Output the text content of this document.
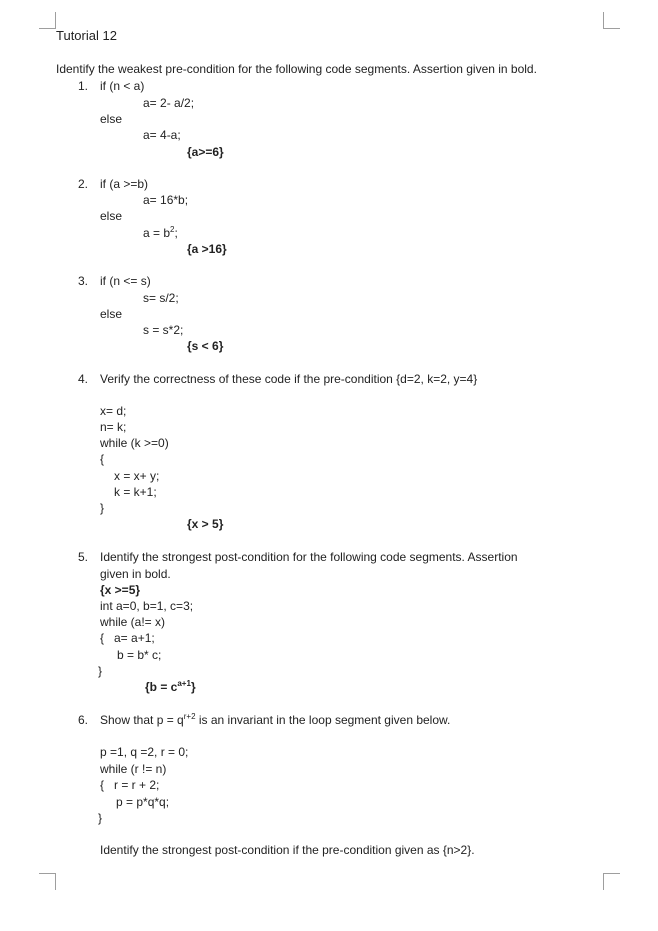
Tutorial 12
Identify the weakest pre-condition for the following code segments. Assertion given in bold.
1. if (n < a)
a= 2- a/2;
else
a= 4-a;
{a>=6}
2. if (a >=b)
a= 16*b;
else
$a = b^2$;
{a >16}
3. if (n <= s)
s= s/2;
else
s = s*2;
{s < 6}
4. Verify the correctness of these code if the pre-condition {d=2, k=2, y=4}
x= d;
n= k;
while (k >=0)
{
x = x+ y;
k = k+1;
}
{x > 5}
5. Identify the strongest post-condition for the following code segments. Assertion
given in bold.
{x >=5}
int a=0, b=1, c=3;
while (a!= x)
{ a= a+1;
b = b* c;
}
$\{b = c^{a+1}\}$
6. Show that $p = q^{r+2}$ is an invariant in the loop segment given below.
p =1, q =2, r = 0;
while (r != n)
{ r = r + 2;
p = p*q*q;
}
Identify the strongest post-condition if the pre-condition given as {n>2}.
